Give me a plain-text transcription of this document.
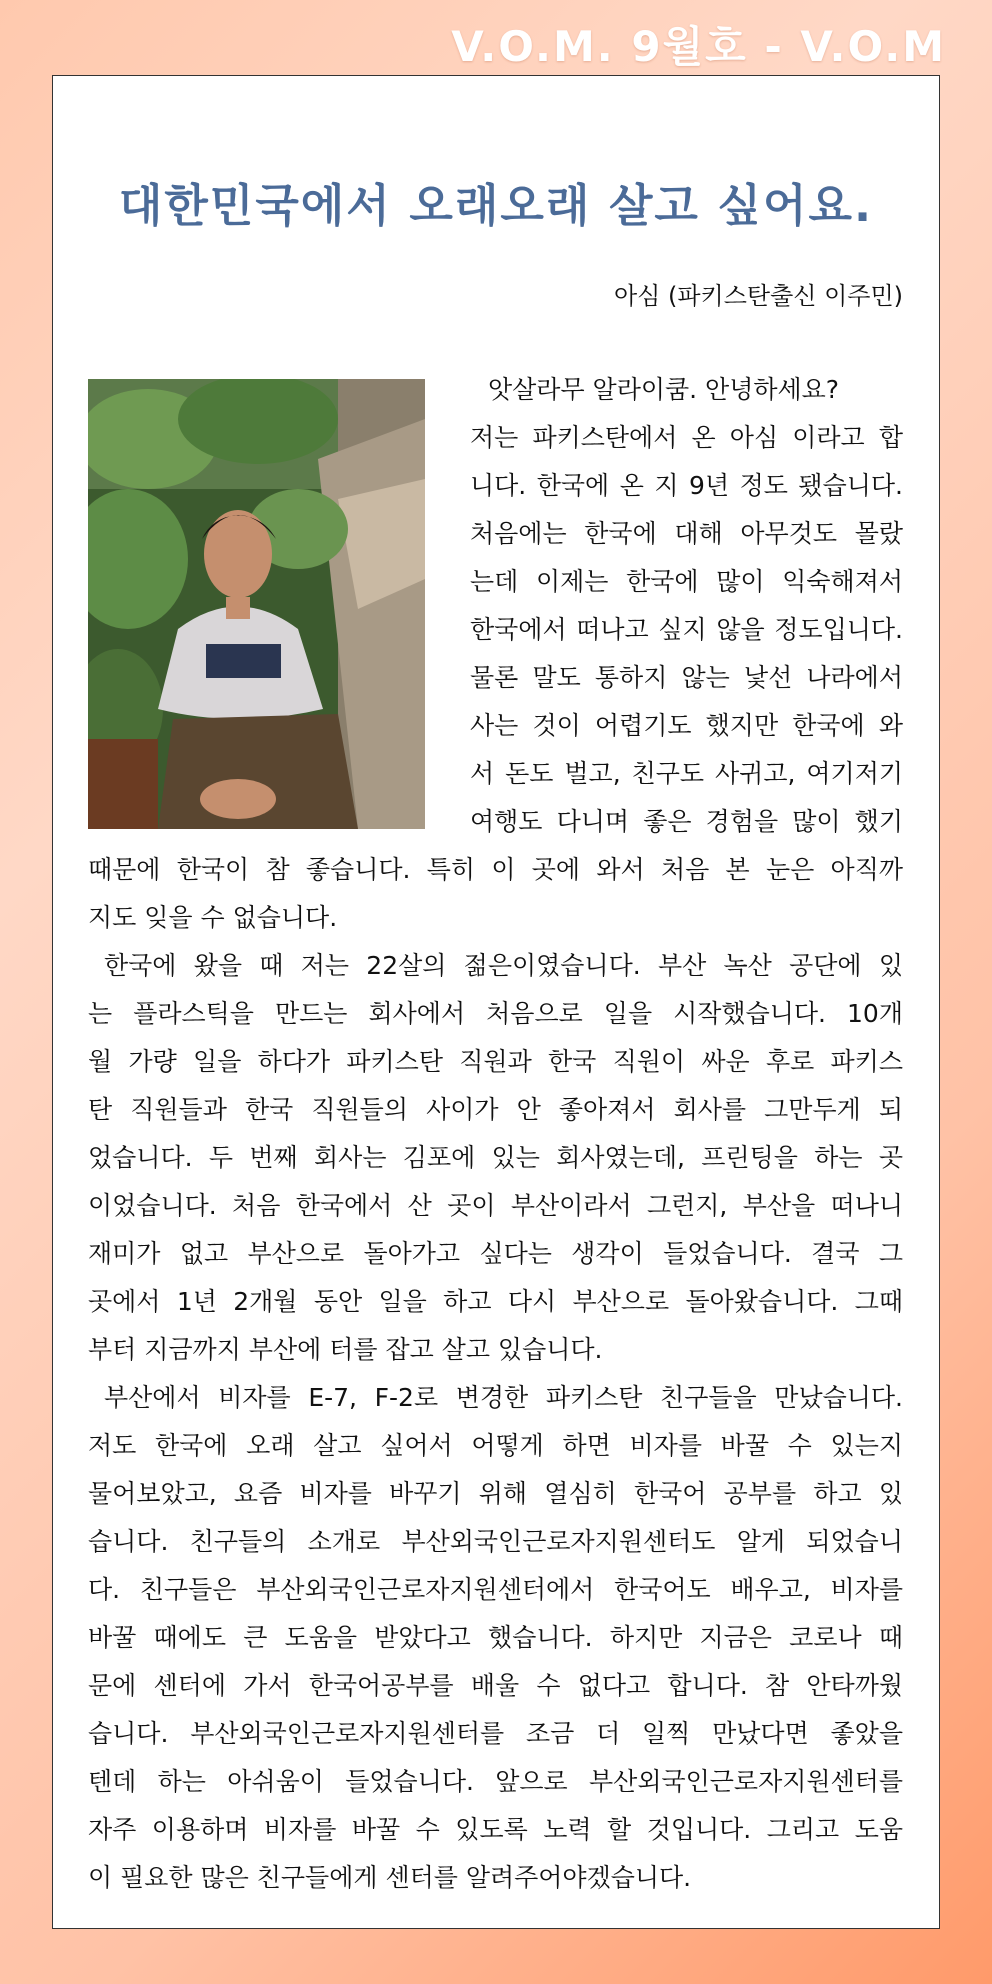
V.O.M. 9월호 - V.O.M
대한민국에서 오래오래 살고 싶어요.
아심 (파키스탄출신 이주민)
앗살라무 알라이쿰. 안녕하세요?
저는 파키스탄에서 온 아심 이라고 합
니다. 한국에 온 지 9년 정도 됐습니다.
처음에는 한국에 대해 아무것도 몰랐
는데 이제는 한국에 많이 익숙해져서
한국에서 떠나고 싶지 않을 정도입니다.
물론 말도 통하지 않는 낯선 나라에서
사는 것이 어렵기도 했지만 한국에 와
서 돈도 벌고, 친구도 사귀고, 여기저기
여행도 다니며 좋은 경험을 많이 했기
때문에 한국이 참 좋습니다. 특히 이 곳에 와서 처음 본 눈은 아직까
지도 잊을 수 없습니다.
한국에 왔을 때 저는 22살의 젊은이였습니다. 부산 녹산 공단에 있
는 플라스틱을 만드는 회사에서 처음으로 일을 시작했습니다. 10개
월 가량 일을 하다가 파키스탄 직원과 한국 직원이 싸운 후로 파키스
탄 직원들과 한국 직원들의 사이가 안 좋아져서 회사를 그만두게 되
었습니다. 두 번째 회사는 김포에 있는 회사였는데, 프린팅을 하는 곳
이었습니다. 처음 한국에서 산 곳이 부산이라서 그런지, 부산을 떠나니
재미가 없고 부산으로 돌아가고 싶다는 생각이 들었습니다. 결국 그
곳에서 1년 2개월 동안 일을 하고 다시 부산으로 돌아왔습니다. 그때
부터 지금까지 부산에 터를 잡고 살고 있습니다.
부산에서 비자를 E-7, F-2로 변경한 파키스탄 친구들을 만났습니다.
저도 한국에 오래 살고 싶어서 어떻게 하면 비자를 바꿀 수 있는지
물어보았고, 요즘 비자를 바꾸기 위해 열심히 한국어 공부를 하고 있
습니다. 친구들의 소개로 부산외국인근로자지원센터도 알게 되었습니
다. 친구들은 부산외국인근로자지원센터에서 한국어도 배우고, 비자를
바꿀 때에도 큰 도움을 받았다고 했습니다. 하지만 지금은 코로나 때
문에 센터에 가서 한국어공부를 배울 수 없다고 합니다. 참 안타까웠
습니다. 부산외국인근로자지원센터를 조금 더 일찍 만났다면 좋았을
텐데 하는 아쉬움이 들었습니다. 앞으로 부산외국인근로자지원센터를
자주 이용하며 비자를 바꿀 수 있도록 노력 할 것입니다. 그리고 도움
이 필요한 많은 친구들에게 센터를 알려주어야겠습니다.
